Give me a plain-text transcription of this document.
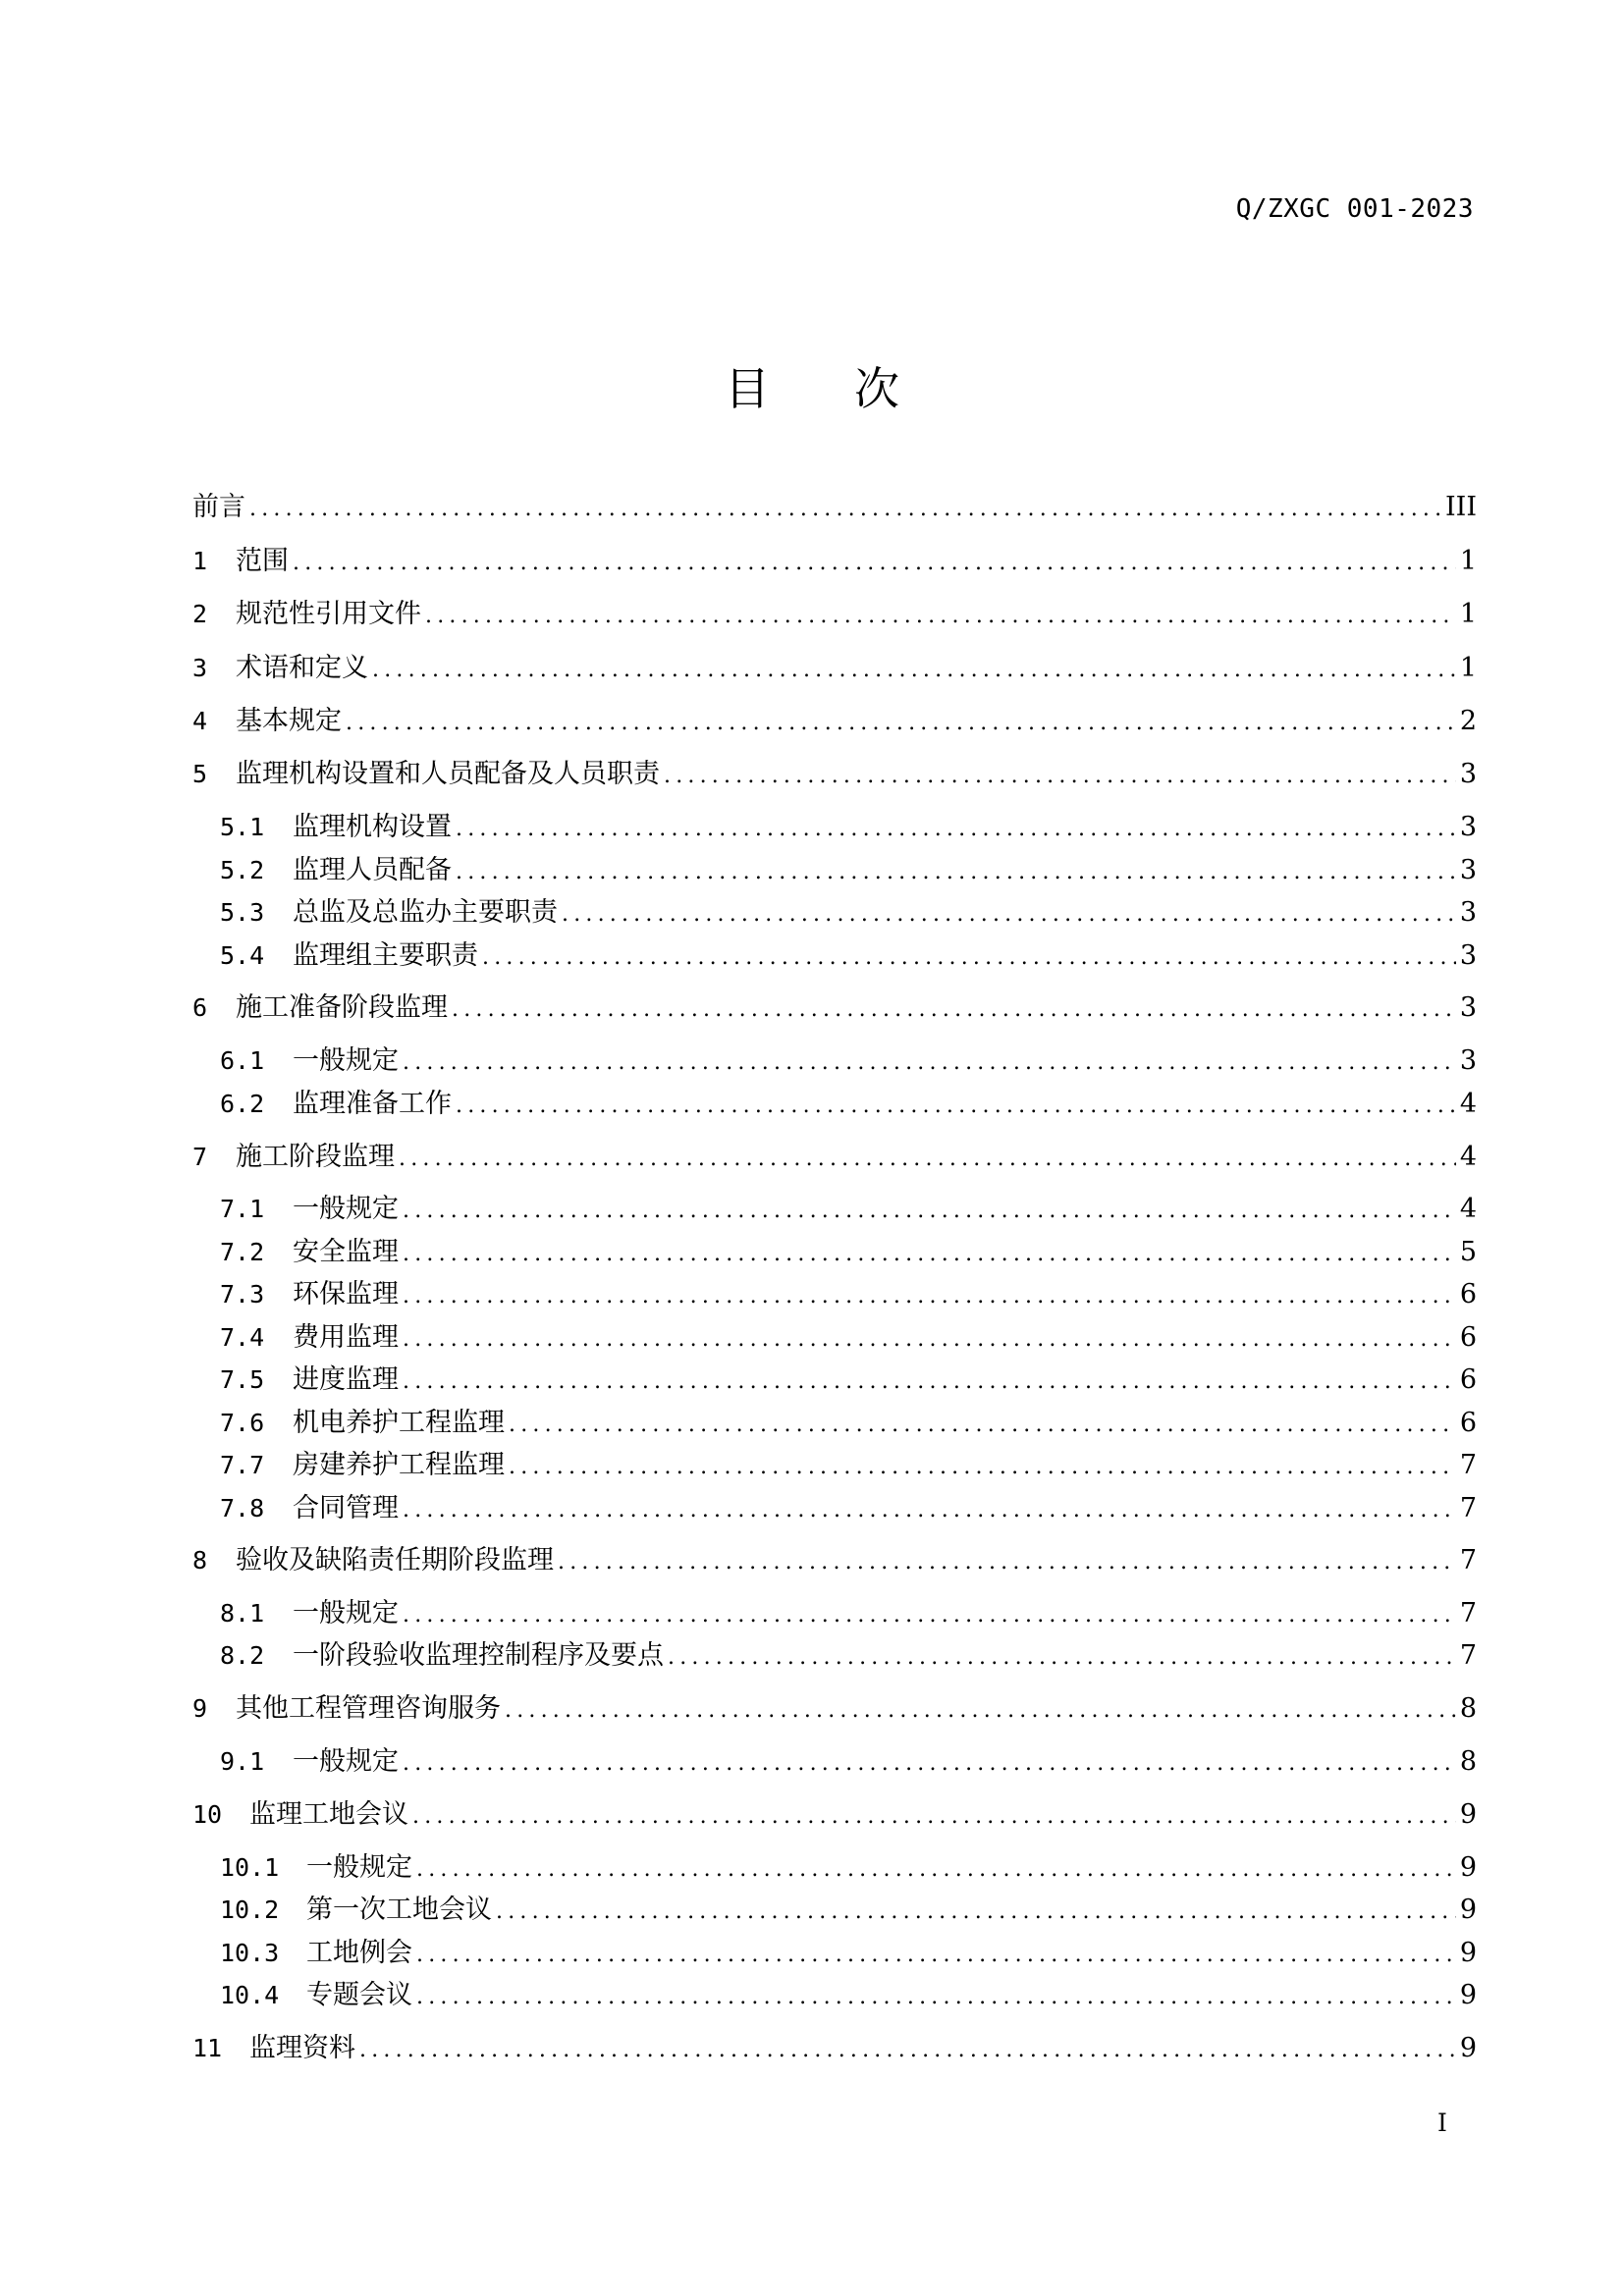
Q/ZXGC 001-2023
目 次
前言 .....	III
1	范围 .....	1
2	规范性引用文件 .....	1
3	术语和定义 .....	1
4	基本规定 .....	2
5	监理机构设置和人员配备及人员职责 .....	3
5.1	监理机构设置 .....	3
5.2	监理人员配备 .....	3
5.3	总监及总监办主要职责 .....	3
5.4	监理组主要职责 .....	3
6	施工准备阶段监理 .....	3
6.1	一般规定 .....	3
6.2	监理准备工作 .....	4
7	施工阶段监理 .....	4
7.1	一般规定 .....	4
7.2	安全监理 .....	5
7.3	环保监理 .....	6
7.4	费用监理 .....	6
7.5	进度监理 .....	6
7.6	机电养护工程监理 .....	6
7.7	房建养护工程监理 .....	7
7.8	合同管理 .....	7
8	验收及缺陷责任期阶段监理 .....	7
8.1	一般规定 .....	7
8.2	一阶段验收监理控制程序及要点 .....	7
9	其他工程管理咨询服务 .....	8
9.1	一般规定 .....	8
10	监理工地会议 .....	9
10.1	一般规定 .....	9
10.2	第一次工地会议 .....	9
10.3	工地例会 .....	9
10.4	专题会议 .....	9
11	监理资料 .....	9
I
